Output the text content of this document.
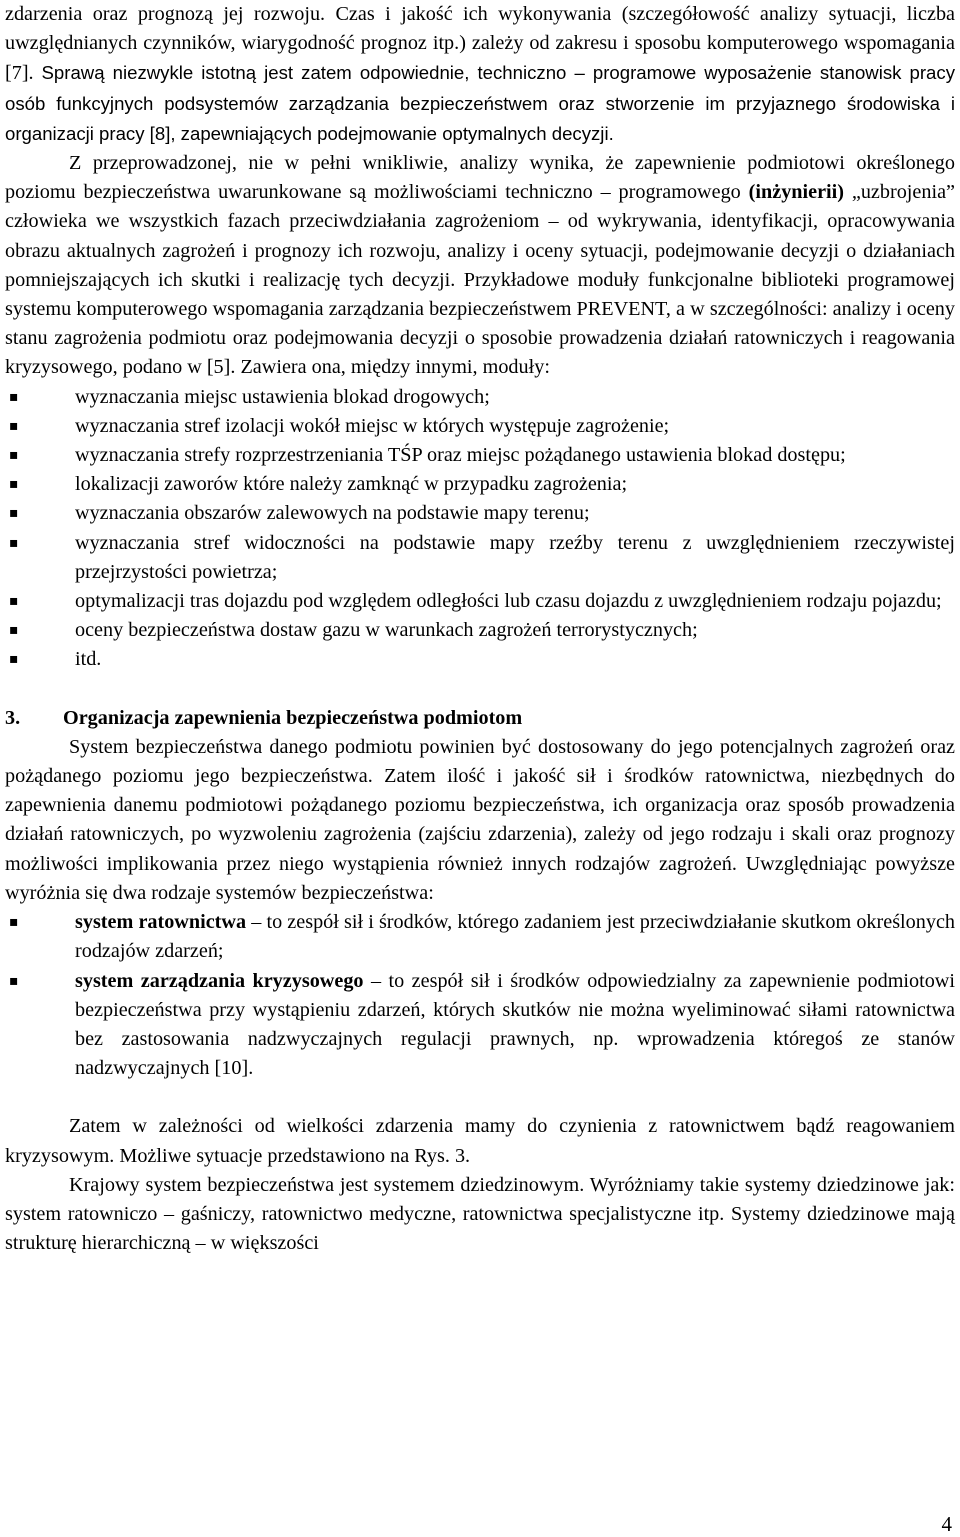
zdarzenia oraz prognozą jej rozwoju. Czas i jakość ich wykonywania (szczegółowość analizy sytuacji, liczba uwzględnianych czynników, wiarygodność prognoz itp.) zależy od zakresu i sposobu komputerowego wspomagania [7]. Sprawą niezwykle istotną jest zatem odpowiednie, techniczno – programowe wyposażenie stanowisk pracy osób funkcyjnych podsystemów zarządzania bezpieczeństwem oraz stworzenie im przyjaznego środowiska i organizacji pracy [8], zapewniających podejmowanie optymalnych decyzji.

Z przeprowadzonej, nie w pełni wnikliwie, analizy wynika, że zapewnienie podmiotowi określonego poziomu bezpieczeństwa uwarunkowane są możliwościami techniczno – programowego (inżynierii) „uzbrojenia” człowieka we wszystkich fazach przeciwdziałania zagrożeniom – od wykrywania, identyfikacji, opracowywania obrazu aktualnych zagrożeń i prognozy ich rozwoju, analizy i oceny sytuacji, podejmowanie decyzji o działaniach pomniejszających ich skutki i realizację tych decyzji. Przykładowe moduły funkcjonalne biblioteki programowej systemu komputerowego wspomagania zarządzania bezpieczeństwem PREVENT, a w szczególności: analizy i oceny stanu zagrożenia podmiotu oraz podejmowania decyzji o sposobie prowadzenia działań ratowniczych i reagowania kryzysowego, podano w [5]. Zawiera ona, między innymi, moduły:

▪	wyznaczania miejsc ustawienia blokad drogowych;
▪	wyznaczania stref izolacji wokół miejsc w których występuje zagrożenie;
▪	wyznaczania strefy rozprzestrzeniania TŚP oraz miejsc pożądanego ustawienia blokad dostępu;
▪	lokalizacji zaworów które należy zamknąć w przypadku zagrożenia;
▪	wyznaczania obszarów zalewowych na podstawie mapy terenu;
▪	wyznaczania stref widoczności na podstawie mapy rzeźby terenu z uwzględnieniem rzeczywistej przejrzystości powietrza;
▪	optymalizacji tras dojazdu pod względem odległości lub czasu dojazdu z uwzględnieniem rodzaju pojazdu;
▪	oceny bezpieczeństwa dostaw gazu w warunkach zagrożeń terrorystycznych;
▪	itd.

3. Organizacja zapewnienia bezpieczeństwa podmiotom

System bezpieczeństwa danego podmiotu powinien być dostosowany do jego potencjalnych zagrożeń oraz pożądanego poziomu jego bezpieczeństwa. Zatem ilość i jakość sił i środków ratownictwa, niezbędnych do zapewnienia danemu podmiotowi pożądanego poziomu bezpieczeństwa, ich organizacja oraz sposób prowadzenia działań ratowniczych, po wyzwoleniu zagrożenia (zajściu zdarzenia), zależy od jego rodzaju i skali oraz prognozy możliwości implikowania przez niego wystąpienia również innych rodzajów zagrożeń. Uwzględniając powyższe wyróżnia się dwa rodzaje systemów bezpieczeństwa:

▪	system ratownictwa – to zespół sił i środków, którego zadaniem jest przeciwdziałanie skutkom określonych rodzajów zdarzeń;
▪	system zarządzania kryzysowego – to zespół sił i środków odpowiedzialny za zapewnienie podmiotowi bezpieczeństwa przy wystąpieniu zdarzeń, których skutków nie można wyeliminować siłami ratownictwa bez zastosowania nadzwyczajnych regulacji prawnych, np. wprowadzenia któregoś ze stanów nadzwyczajnych [10].

Zatem w zależności od wielkości zdarzenia mamy do czynienia z ratownictwem bądź reagowaniem kryzysowym. Możliwe sytuacje przedstawiono na Rys. 3.

Krajowy system bezpieczeństwa jest systemem dziedzinowym. Wyróżniamy takie systemy dziedzinowe jak: system ratowniczo – gaśniczy, ratownictwo medyczne, ratownictwa specjalistyczne itp. Systemy dziedzinowe mają strukturę hierarchiczną – w większości

4
